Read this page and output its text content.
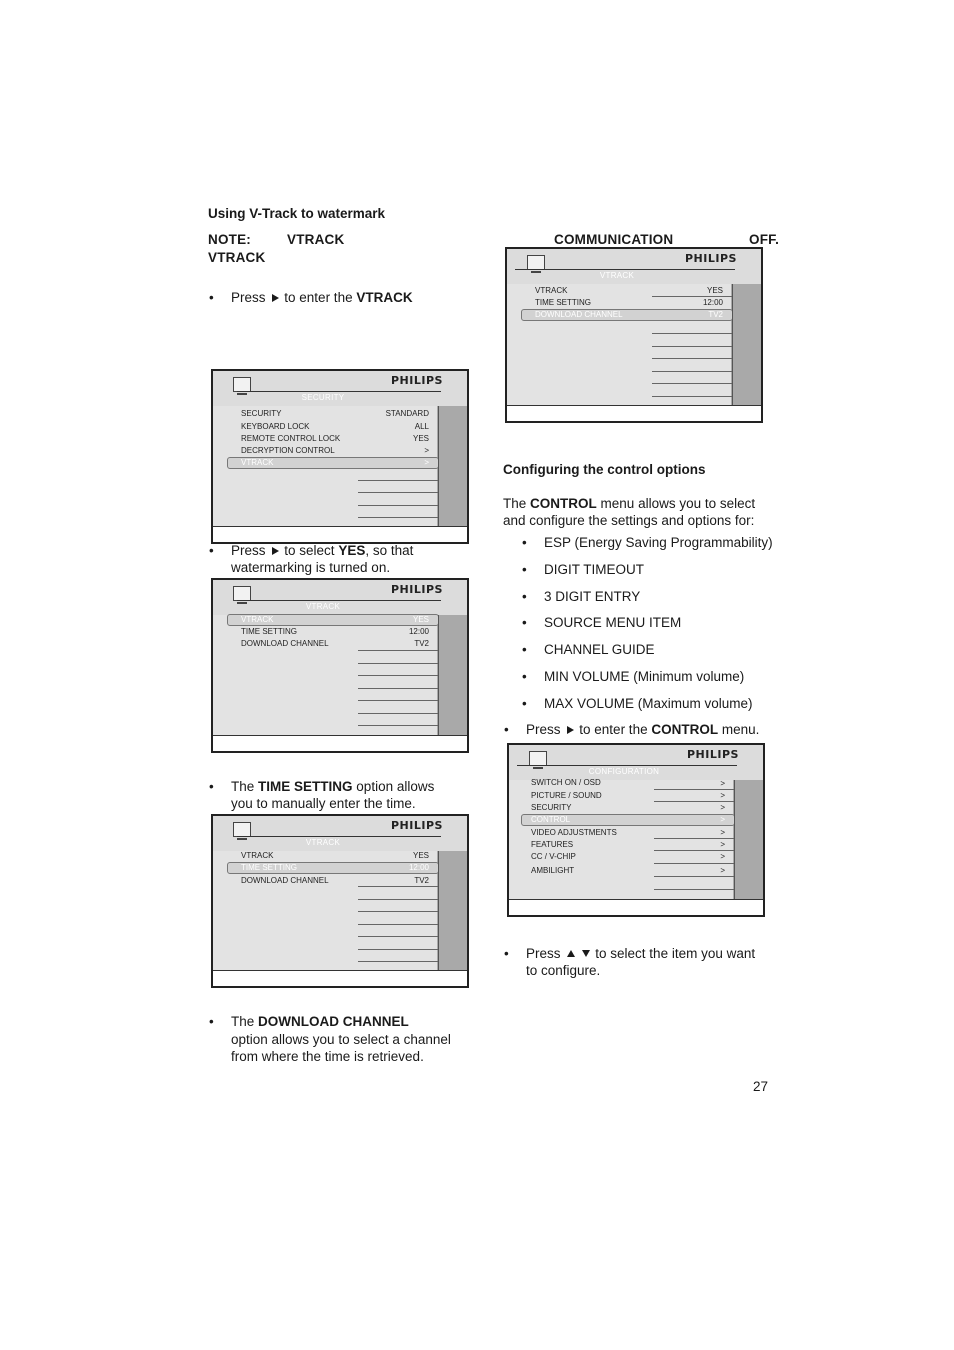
Using V-Track to watermark
NOTE:	VTRACK
VTRACK
• Press to enter the VTRACK
PHILIPS
SECURITY
SECURITY	STANDARD
KEYBOARD LOCK	ALL
REMOTE CONTROL LOCK	YES
DECRYPTION CONTROL	>
VTRACK	>
• Press to select YES, so that
watermarking is turned on.
PHILIPS
VTRACK
VTRACK	YES
TIME SETTING	12:00
DOWNLOAD CHANNEL	TV2
• The TIME SETTING option allows
you to manually enter the time.
PHILIPS
VTRACK
VTRACK	YES
TIME SETTING	12:00
DOWNLOAD CHANNEL	TV2
• The DOWNLOAD CHANNEL
option allows you to select a channel
from where the time is retrieved.
COMMUNICATION	OFF.
PHILIPS
VTRACK
VTRACK	YES
TIME SETTING	12:00
DOWNLOAD CHANNEL	TV2
Configuring the control options
The CONTROL menu allows you to select
and configure the settings and options for:
• ESP (Energy Saving Programmability)
• DIGIT TIMEOUT
• 3 DIGIT ENTRY
• SOURCE MENU ITEM
• CHANNEL GUIDE
• MIN VOLUME (Minimum volume)
• MAX VOLUME (Maximum volume)
• Press to enter the CONTROL menu.
PHILIPS
CONFIGURATION
SWITCH ON / OSD	>
PICTURE / SOUND	>
SECURITY	>
CONTROL	>
VIDEO ADJUSTMENTS	>
FEATURES	>
CC / V-CHIP	>
AMBILIGHT	>
• Press	to select the item you want
to configure.
27
